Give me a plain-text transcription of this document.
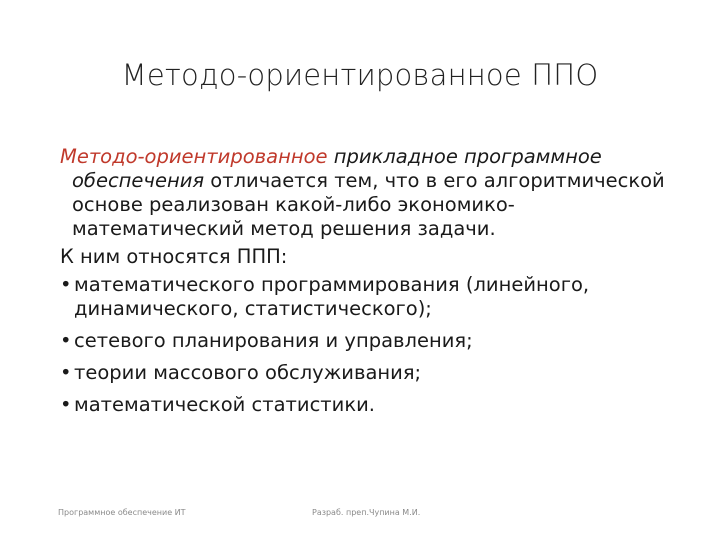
Методо-ориентированное ППО

Методо-ориентированное прикладное программное обеспечения отличается тем, что в его алгоритмической основе реализован какой-либо экономико-математический метод решения задачи.

К ним относятся ППП:

• математического программирования (линейного, динамического, статистического);
• сетевого планирования и управления;
• теории массового обслуживания;
• математической статистики.
Программное обеспечение ИТ	Разраб. преп.Чупина М.И.
